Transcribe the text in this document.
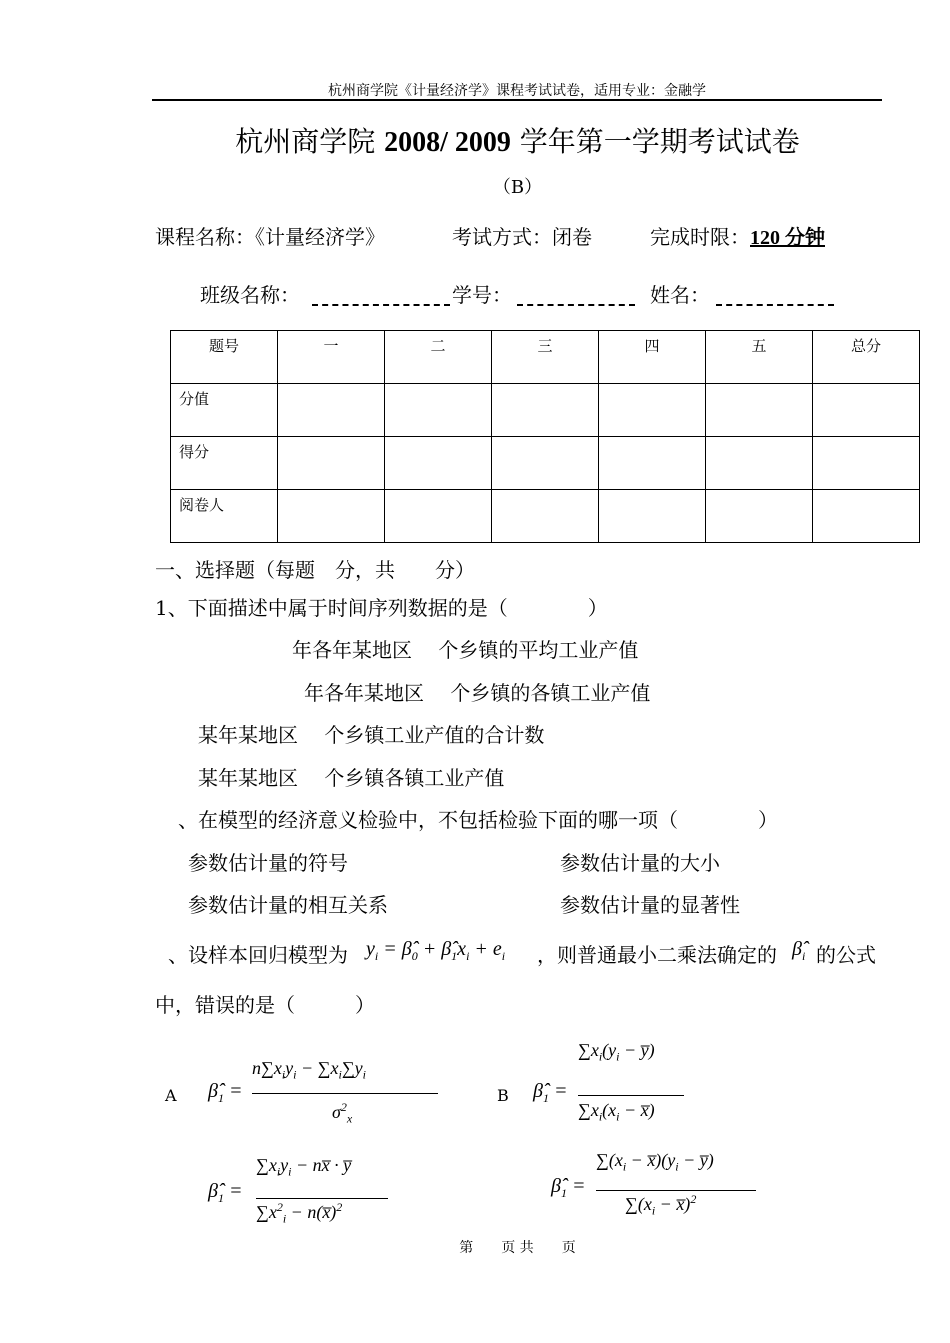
杭州商学院《计量经济学》课程考试试卷，适用专业：金融学
杭州商学院 2008/ 2009 学年第一学期考试试卷
（B）
课程名称：《计量经济学》	考试方式：闭卷	完成时限：120 分钟
班级名称：	学号：	姓名：
题号	一	二	三	四	五	总分
分值						
得分						
阅卷人						
一、选择题（每题　分，共　　分）
1、下面描述中属于时间序列数据的是（　　　　）
年各年某地区　 个乡镇的平均工业产值
年各年某地区　 个乡镇的各镇工业产值
某年某地区　 个乡镇工业产值的合计数
某年某地区　 个乡镇各镇工业产值
、在模型的经济意义检验中，不包括检验下面的哪一项（　　　　）
参数估计量的符号	参数估计量的大小
参数估计量的相互关系	参数估计量的显著性
、设样本回归模型为 $y_i$ = $\betâ_0$ + $\betâ_1x_i + e_i$ ，则普通最小二乘法确定的 $\betâ_i$ 的公式
中，错误的是（　　　）
A $\betâ_1$ =
$n\sum x_iy_i - \sum x_i\sum y_i$
$\sigma^2_x$
B $\betâ_1$ =
$\sum x_i(y_i$ − y̅)
$\sum x_i(x_i$ − x̅)
$\betâ_1$ =
$\sum x_iy_i$ − nx̅ · y̅
$\sum x^2_i$ − n(x̅)$^2$
$\betâ_1$ =
$\sum(x_i$ − $x̅)(y_i$ − y̅)
$\sum(x_i$ − x̅)$^2$
第　　页 共　　页
